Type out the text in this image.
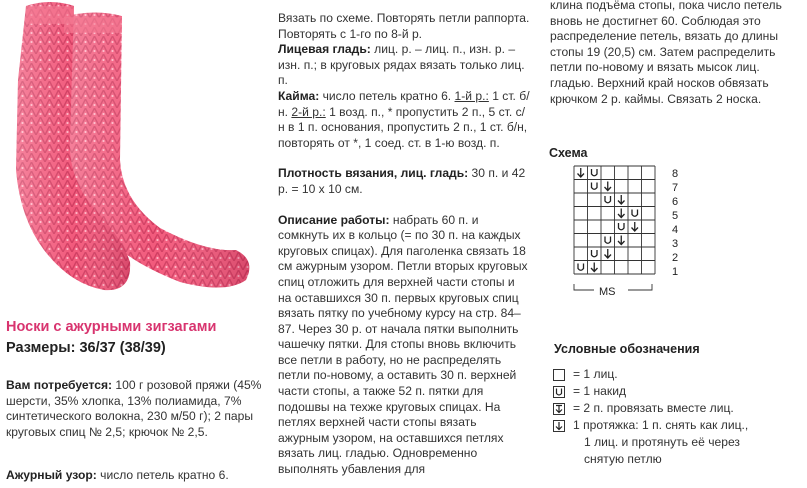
Носки с ажурными зигзагами
Размеры: 36/37 (38/39)
Вам потребуется: 100 г розовой пряжи (45% шерсти, 35% хлопка, 13% полиамида, 7% синтетического волокна, 230 м/50 г); 2 пары круговых спиц № 2,5; крючок № 2,5.
Ажурный узор: число петель кратно 6.

Вязать по схеме. Повторять петли раппорта. Повторять с 1-го по 8-й р.

Лицевая гладь: лиц. р. – лиц. п., изн. р. – изн. п.; в круговых рядах вязать только лиц. п.

Кайма: число петель кратно 6. 1-й р.: 1 ст. б/н. 2-й р.: 1 возд. п., * пропустить 2 п., 5 ст. с/н в 1 п. основания, пропустить 2 п., 1 ст. б/н, повторять от *, 1 соед. ст. в 1-ю возд. п.

Плотность вязания, лиц. гладь: 30 п. и 42 р. = 10 х 10 см.

Описание работы: набрать 60 п. и сомкнуть их в кольцо (= по 30 п. на каждых круговых спицах). Для паголенка связать 18 см ажурным узором. Петли вторых круговых спиц отложить для верхней части стопы и на оставшихся 30 п. первых круговых спиц вязать пятку по учебному курсу на стр. 84–87. Через 30 р. от начала пятки выполнить чашечку пятки. Для стопы вновь включить все петли в работу, но не распределять петли по-новому, а оставить 30 п. верхней части стопы, а также 52 п. пятки для подошвы на техже круговых спицах. На петлях верхней части стопы вязать ажурным узором, на оставшихся петлях вязать лиц. гладью. Одновременно выполнять убавления для

клина подъёма стопы, пока число петель вновь не достигнет 60. Соблюдая это распределение петель, вязать до длины стопы 19 (20,5) см. Затем распределить петли по-новому и вязать мысок лиц. гладью. Верхний край носков обвязать крючком 2 р. каймы. Связать 2 носка.
Схема
8
7
6
5
4
3
2
1
MS
Условные обозначения
= 1 лиц.
= 1 накид
= 2 п. провязать вместе лиц.
1 протяжка: 1 п. снять как лиц.,
1 лиц. и протянуть её через
снятую петлю
